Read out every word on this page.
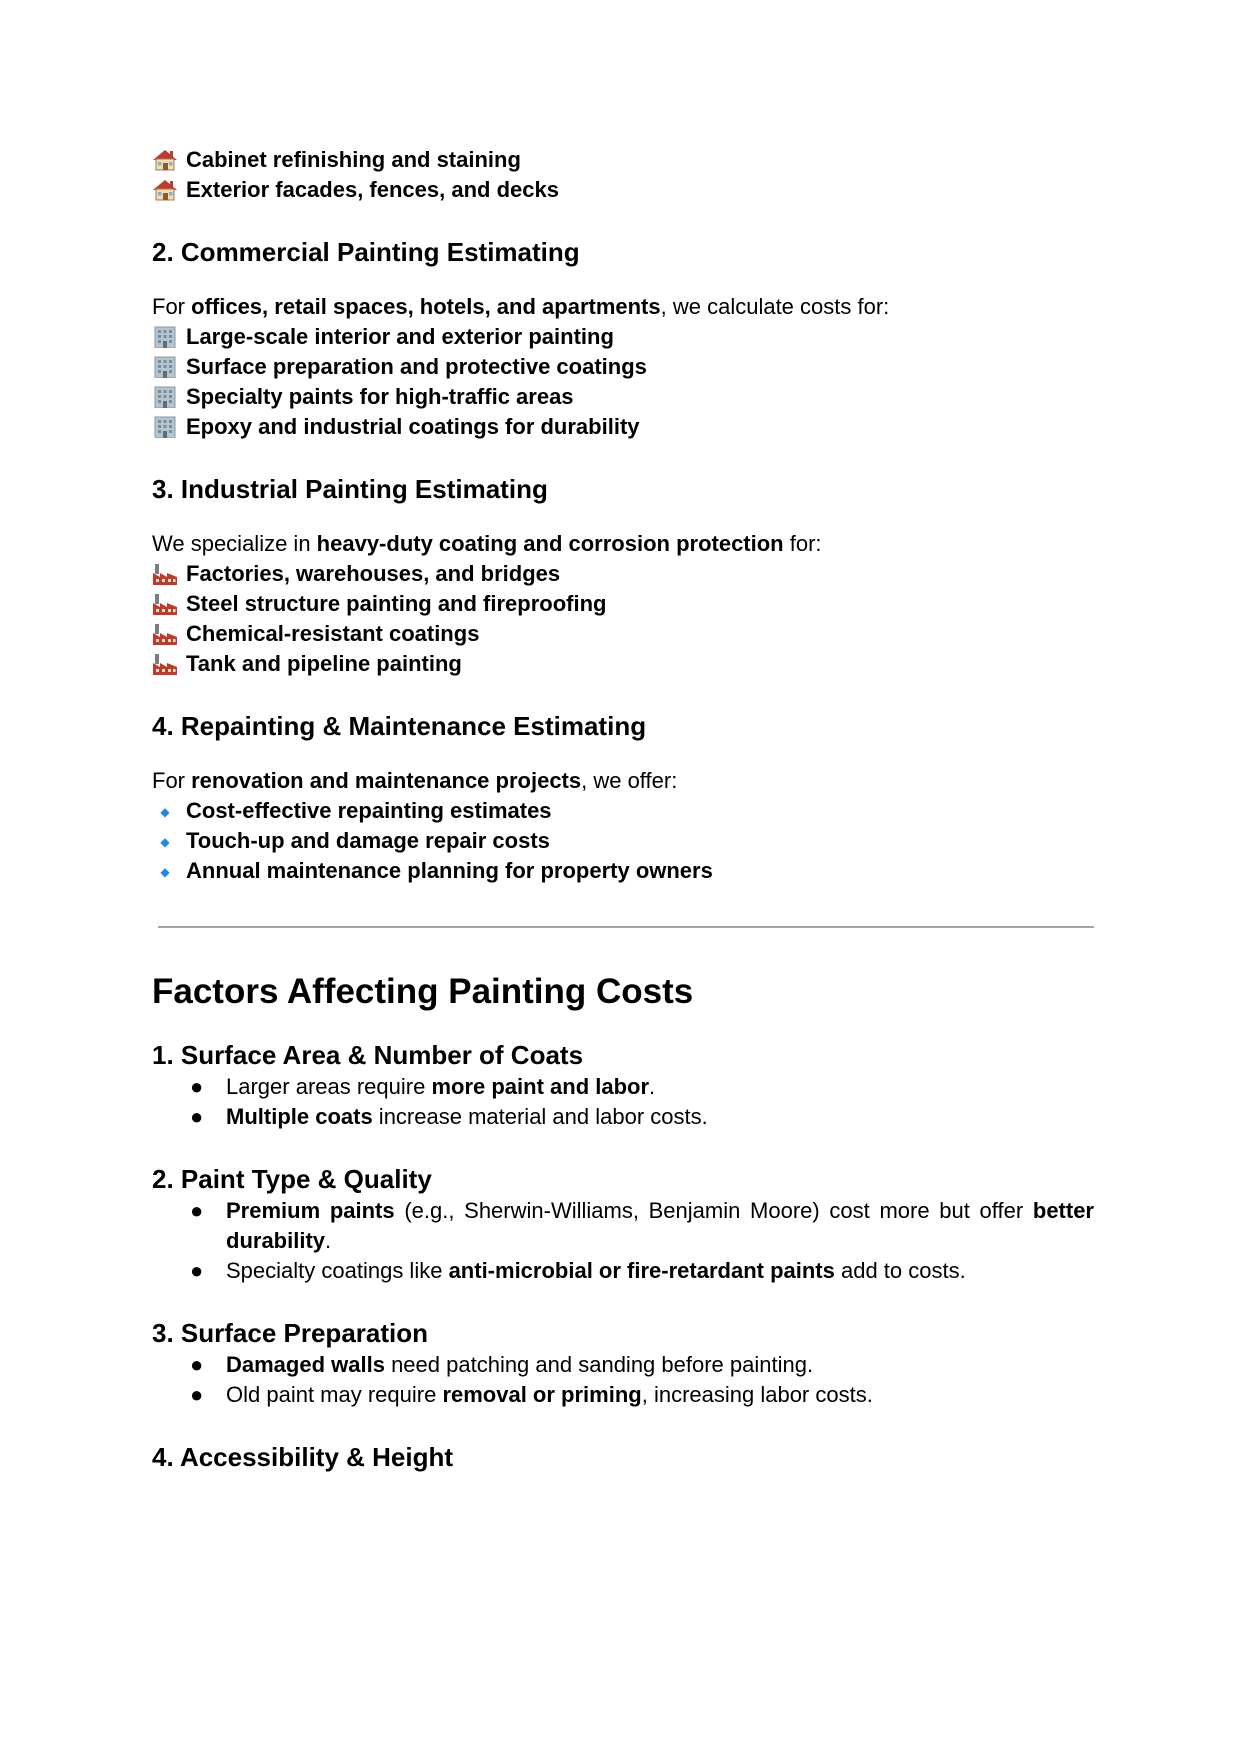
Cabinet refinishing and staining
Exterior facades, fences, and decks
2. Commercial Painting Estimating
For offices, retail spaces, hotels, and apartments, we calculate costs for:
Large-scale interior and exterior painting
Surface preparation and protective coatings
Specialty paints for high-traffic areas
Epoxy and industrial coatings for durability
3. Industrial Painting Estimating
We specialize in heavy-duty coating and corrosion protection for:
Factories, warehouses, and bridges
Steel structure painting and fireproofing
Chemical-resistant coatings
Tank and pipeline painting
4. Repainting & Maintenance Estimating
For renovation and maintenance projects, we offer:
◆ Cost-effective repainting estimates
◆ Touch-up and damage repair costs
◆ Annual maintenance planning for property owners
Factors Affecting Painting Costs
1. Surface Area & Number of Coats
● Larger areas require more paint and labor.
● Multiple coats increase material and labor costs.
2. Paint Type & Quality
● Premium paints (e.g., Sherwin-Williams, Benjamin Moore) cost more but offer better durability.
● Specialty coatings like anti-microbial or fire-retardant paints add to costs.
3. Surface Preparation
● Damaged walls need patching and sanding before painting.
● Old paint may require removal or priming, increasing labor costs.
4. Accessibility & Height
